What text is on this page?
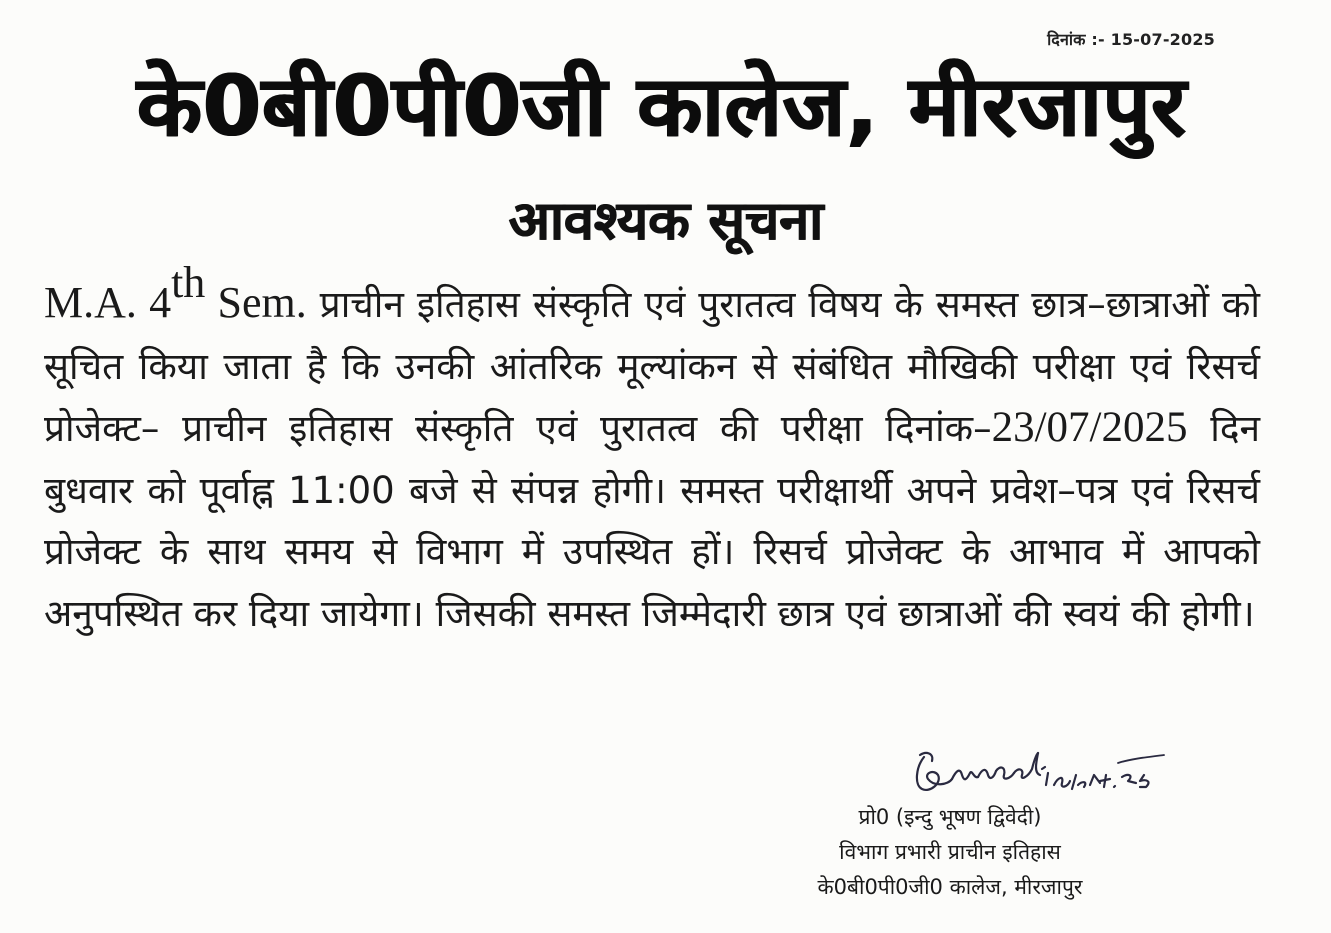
दिनांक :- 15-07-2025
के0बी0पी0जी कालेज, मीरजापुर
आवश्यक सूचना
M.A. 4th Sem. प्राचीन इतिहास संस्कृति एवं पुरातत्व विषय के समस्त छात्र–छात्राओं को सूचित किया जाता है कि उनकी आंतरिक मूल्यांकन से संबंधित मौखिकी परीक्षा एवं रिसर्च प्रोजेक्ट– प्राचीन इतिहास संस्कृति एवं पुरातत्व की परीक्षा दिनांक–23/07/2025 दिन बुधवार को पूर्वाह्न 11:00 बजे से संपन्न होगी। समस्त परीक्षार्थी अपने प्रवेश–पत्र एवं रिसर्च प्रोजेक्ट के साथ समय से विभाग में उपस्थित हों। रिसर्च प्रोजेक्ट के आभाव में आपको अनुपस्थित कर दिया जायेगा। जिसकी समस्त जिम्मेदारी छात्र एवं छात्राओं की स्वयं की होगी।
प्रो0 (इन्दु भूषण द्विवेदी)
विभाग प्रभारी प्राचीन इतिहास
के0बी0पी0जी0 कालेज, मीरजापुर
